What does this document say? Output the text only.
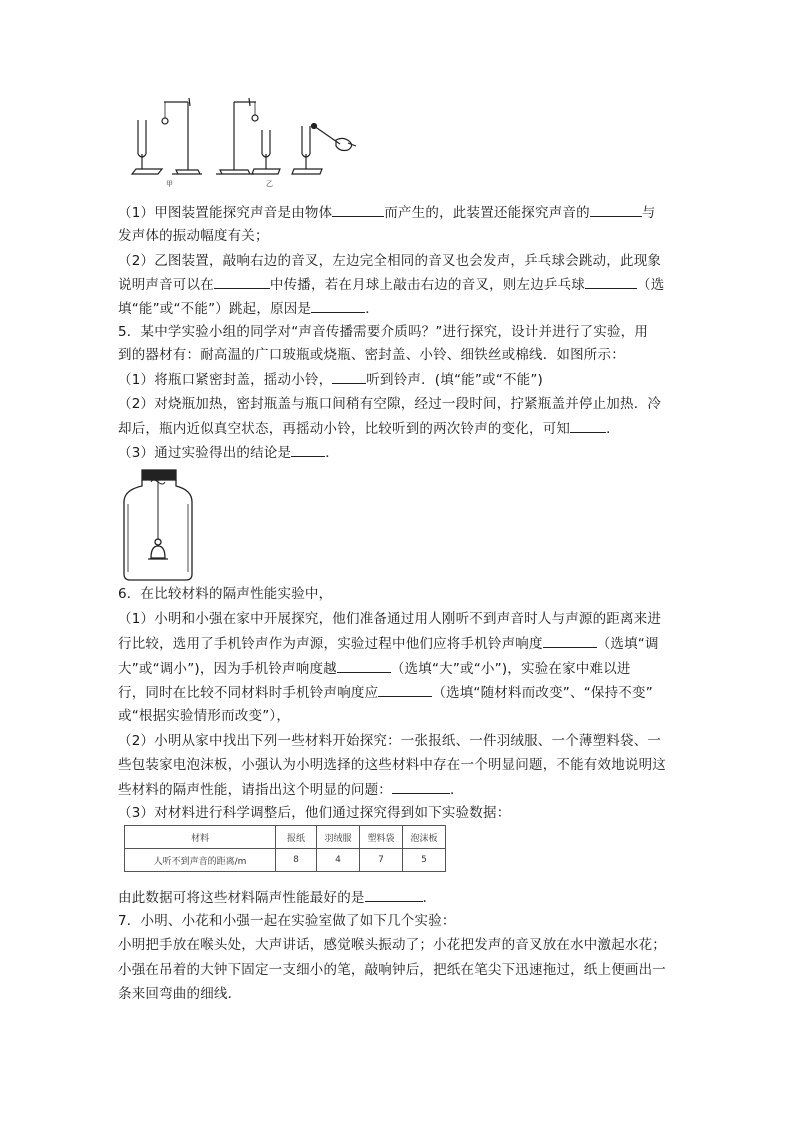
甲	乙
（1）甲图装置能探究声音是由物体	而产生的，此装置还能探究声音的	与
发声体的振动幅度有关；
（2）乙图装置，敲响右边的音叉，左边完全相同的音叉也会发声，乒乓球会跳动，此现象
说明声音可以在	中传播，若在月球上敲击右边的音叉，则左边乒乓球	（选
填“能”或“不能”）跳起，原因是	．
5．某中学实验小组的同学对“声音传播需要介质吗？”进行探究，设计并进行了实验，用
到的器材有：耐高温的广口玻瓶或烧瓶、密封盖、小铃、细铁丝或棉线．如图所示：
（1）将瓶口紧密封盖，摇动小铃，	听到铃声．(填“能”或“不能”)
（2）对烧瓶加热，密封瓶盖与瓶口间稍有空隙，经过一段时间，拧紧瓶盖并停止加热．冷
却后，瓶内近似真空状态，再摇动小铃，比较听到的两次铃声的变化，可知	．
（3）通过实验得出的结论是	．
6．在比较材料的隔声性能实验中，
（1）小明和小强在家中开展探究，他们准备通过用人刚听不到声音时人与声源的距离来进
行比较，选用了手机铃声作为声源，实验过程中他们应将手机铃声响度	（选填“调
大”或“调小”)，因为手机铃声响度越	（选填“大”或“小”)，实验在家中难以进
行，同时在比较不同材料时手机铃声响度应	（选填“随材料而改变”、“保持不变”
或“根据实验情形而改变”），
（2）小明从家中找出下列一些材料开始探究：一张报纸、一件羽绒服、一个薄塑料袋、一
些包装家电泡沫板，小强认为小明选择的这些材料中存在一个明显问题，不能有效地说明这
些材料的隔声性能，请指出这个明显的问题：	．
（3）对材料进行科学调整后，他们通过探究得到如下实验数据：
材料	报纸	羽绒服	塑料袋	泡沫板
人听不到声音的距离/m	8	4	7	5
由此数据可将这些材料隔声性能最好的是	．
7．小明、小花和小强一起在实验室做了如下几个实验：
小明把手放在喉头处，大声讲话，感觉喉头振动了；小花把发声的音叉放在水中激起水花；
小强在吊着的大钟下固定一支细小的笔，敲响钟后，把纸在笔尖下迅速拖过，纸上便画出一
条来回弯曲的细线．
